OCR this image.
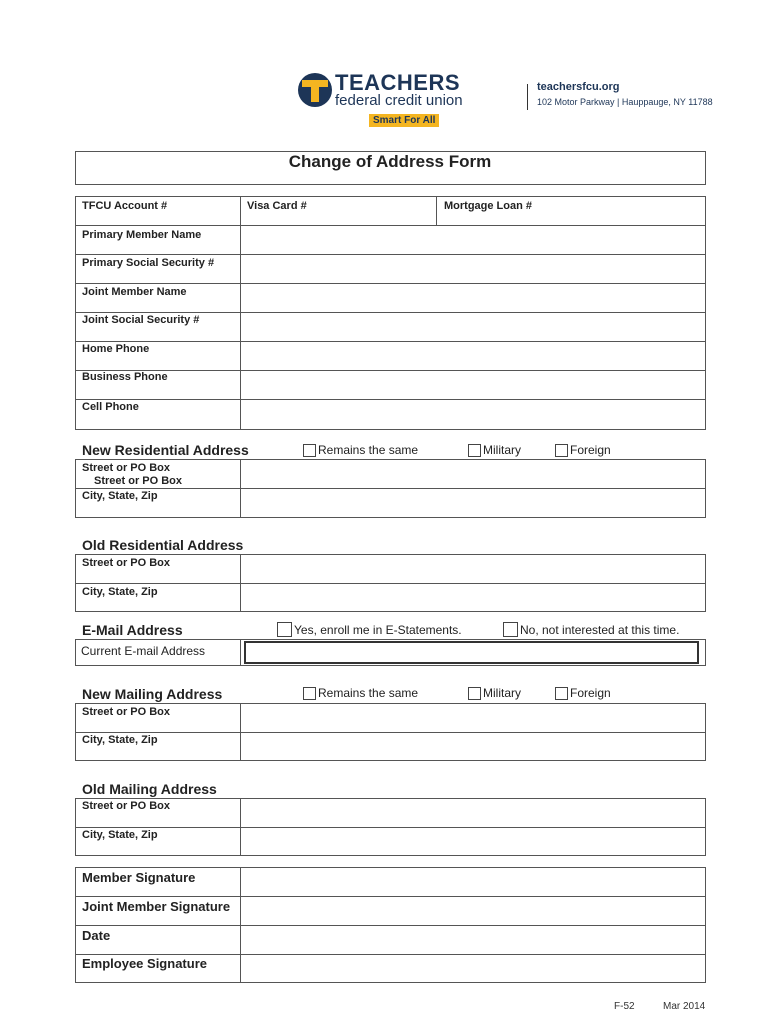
TEACHERS
federal credit union
Smart For All
teachersfcu.org
102 Motor Parkway | Hauppauge, NY 11788
Change of Address Form
TFCU Account #	Visa Card #	Mortgage Loan #
Primary Member Name
Primary Social Security #
Joint Member Name
Joint Social Security #
Home Phone
Business Phone
Cell Phone
New Residential Address	Remains the same	Military	Foreign
Street or PO Box
Street or PO Box
City, State, Zip
Old Residential Address
Street or PO Box
City, State, Zip
E-Mail Address	Yes, enroll me in E-Statements.	No, not interested at this time.
Current E-mail Address
New Mailing Address	Remains the same	Military	Foreign
Street or PO Box
City, State, Zip
Old Mailing Address
Street or PO Box
City, State, Zip
Member Signature
Joint Member Signature
Date
Employee Signature
F-52	Mar 2014
